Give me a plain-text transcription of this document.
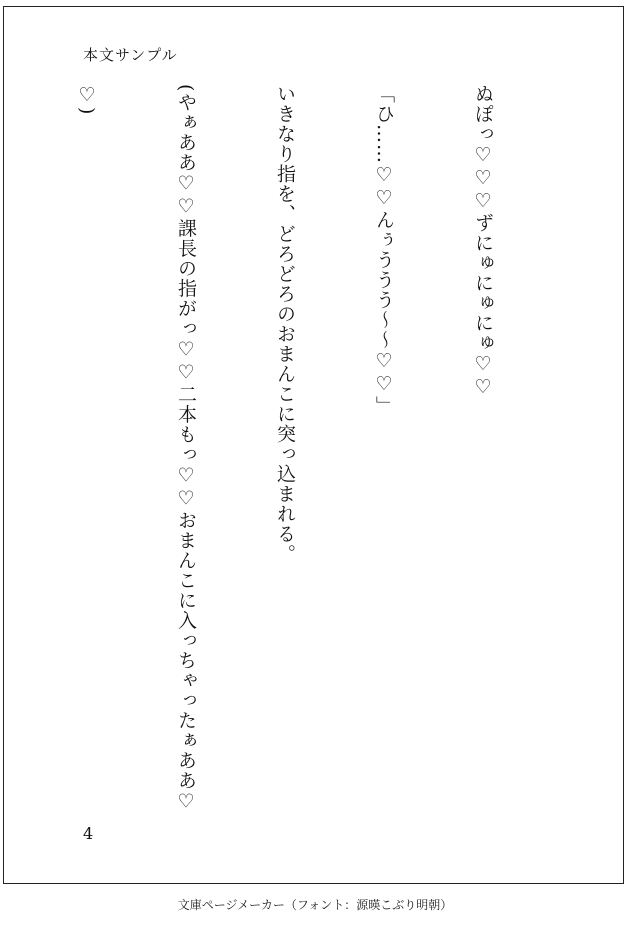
本文サンプル

ぬぽっ♡♡♡ずにゅにゅにゅ♡♡

「ひ……♡♡んぅううう〜〜♡♡」

いきなり指を、どろどろのおまんこに突っ込まれる。

(やぁああ♡♡課長の指がっ♡♡二本もっ♡♡おまんこに入っちゃったぁああ♡

♡)

4
文庫ページメーカー（フォント：源暎こぶり明朝）
